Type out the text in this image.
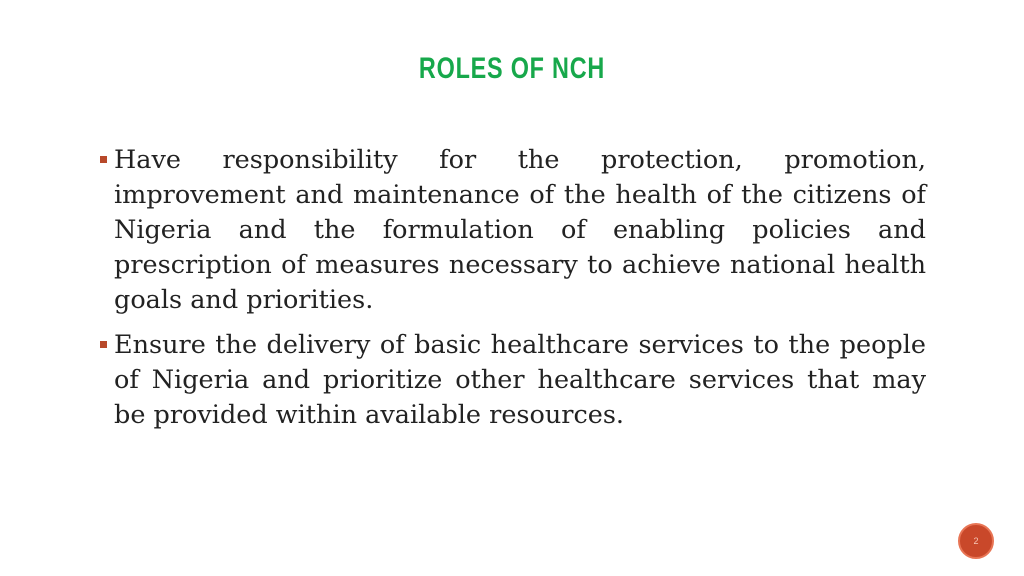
ROLES OF NCH
Have responsibility for the protection, promotion, improvement and maintenance of the health of the citizens of Nigeria and the formulation of enabling policies and prescription of measures necessary to achieve national health goals and priorities.
Ensure the delivery of basic healthcare services to the people of Nigeria and prioritize other healthcare services that may be provided within available resources.
2
